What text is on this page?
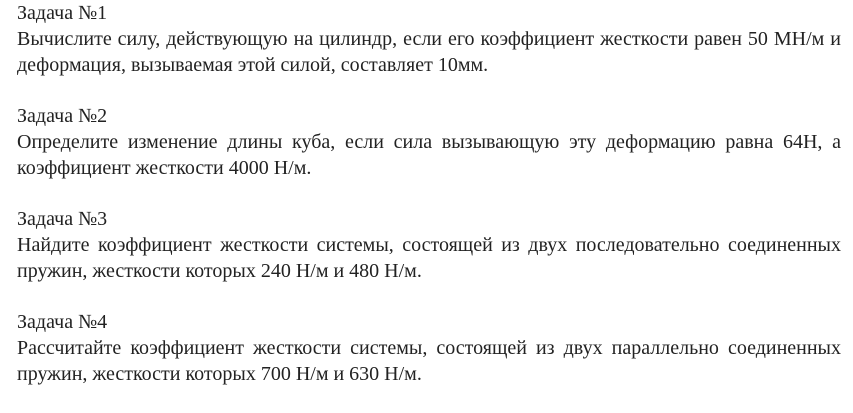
Задача №1
Вычислите силу, действующую на цилиндр, если его коэффициент жесткости равен 50 МН/м и деформация, вызываемая этой силой, составляет 10мм.
Задача №2
Определите изменение длины куба, если сила вызывающую эту деформацию равна 64Н, а коэффициент жесткости 4000 Н/м.
Задача №3
Найдите коэффициент жесткости системы, состоящей из двух последовательно соединенных пружин, жесткости которых 240 Н/м и 480 Н/м.
Задача №4
Рассчитайте коэффициент жесткости системы, состоящей из двух параллельно соединенных пружин, жесткости которых 700 Н/м и 630 Н/м.
